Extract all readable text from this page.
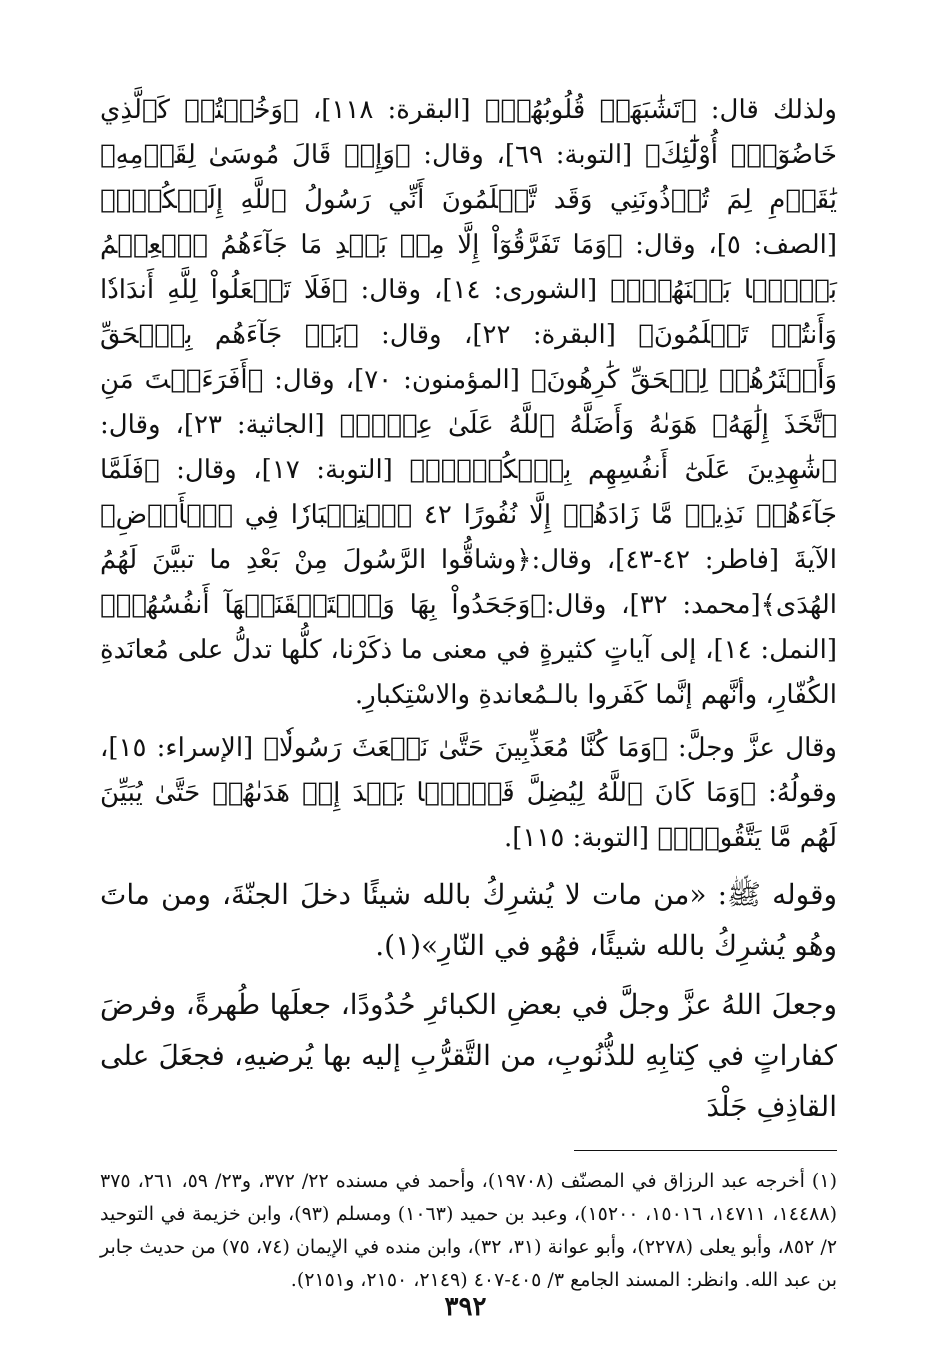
ولذلك قال: ﴿تَشَٰبَهَتۡ قُلُوبُهُمۡ﴾ [البقرة: ١١٨]، ﴿وَخُضۡتُمۡ كَٱلَّذِي خَاضُوٓاْۚ أُوْلَٰٓئِكَ﴾ [التوبة: ٦٩]، وقال: ﴿وَإِذۡ قَالَ مُوسَىٰ لِقَوۡمِهِۦ يَٰقَوۡمِ لِمَ تُؤۡذُونَنِي وَقَد تَّعۡلَمُونَ أَنِّي رَسُولُ ٱللَّهِ إِلَيۡكُمۡۖ﴾ [الصف: ٥]، وقال: ﴿وَمَا تَفَرَّقُوٓاْ إِلَّا مِنۢ بَعۡدِ مَا جَآءَهُمُ ٱلۡعِلۡمُ بَغۡيَۢا بَيۡنَهُمۡۚ﴾ [الشورى: ١٤]، وقال: ﴿فَلَا تَجۡعَلُواْ لِلَّهِ أَندَادٗا وَأَنتُمۡ تَعۡلَمُونَ﴾ [البقرة: ٢٢]، وقال: ﴿بَلۡ جَآءَهُم بِٱلۡحَقِّ وَأَكۡثَرُهُمۡ لِلۡحَقِّ كَٰرِهُونَ﴾ [المؤمنون: ٧٠]، وقال: ﴿أَفَرَءَيۡتَ مَنِ ٱتَّخَذَ إِلَٰهَهُۥ هَوَىٰهُ وَأَضَلَّهُ ٱللَّهُ عَلَىٰ عِلۡمٖ﴾ [الجاثية: ٢٣]، وقال: ﴿شَٰهِدِينَ عَلَىٰٓ أَنفُسِهِم بِٱلۡكُفۡرِۚ﴾ [التوبة: ١٧]، وقال: ﴿فَلَمَّا جَآءَهُمۡ نَذِيرٞ مَّا زَادَهُمۡ إِلَّا نُفُورًا ٤٢ ٱسۡتِكۡبَارٗا فِي ٱلۡأَرۡضِ﴾ الآيةَ [فاطر: ٤٢-٤٣]، وقال:﴿وشاقُّوا الرَّسُولَ مِنْ بَعْدِ ما تبيَّنَ لَهُمُ الهُدَى﴾[محمد: ٣٢]، وقال:﴿وَجَحَدُواْ بِهَا وَٱسۡتَيۡقَنَتۡهَآ أَنفُسُهُمۡ﴾ [النمل: ١٤]، إلى آياتٍ كثيرةٍ في معنى ما ذكَرْنا، كلُّها تدلُّ على مُعانَدةِ الكُفّارِ، وأنَّهم إنَّما كَفَروا بالـمُعاندةِ والاسْتِكبارِ.

وقال عزَّ وجلَّ: ﴿وَمَا كُنَّا مُعَذِّبِينَ حَتَّىٰ نَبۡعَثَ رَسُولٗا﴾ [الإسراء: ١٥]، وقولُهُ: ﴿وَمَا كَانَ ٱللَّهُ لِيُضِلَّ قَوۡمَۢا بَعۡدَ إِذۡ هَدَىٰهُمۡ حَتَّىٰ يُبَيِّنَ لَهُم مَّا يَتَّقُونَۚ﴾ [التوبة: ١١٥].

وقوله ﷺ: «من مات لا يُشرِكُ بالله شيئًا دخلَ الجنّةَ، ومن ماتَ وهُو يُشرِكُ بالله شيئًا، فهُو في النّارِ»(١).

وجعلَ اللهُ عزَّ وجلَّ في بعضِ الكبائرِ حُدُودًا، جعلَها طُهرةً، وفرضَ كفاراتٍ في كِتابِهِ للذُّنُوبِ، من التَّقرُّبِ إليه بها يُرضيهِ، فجعَلَ على القاذِفِ جَلْدَ

(١) أخرجه عبد الرزاق في المصنّف (١٩٧٠٨)، وأحمد في مسنده ٢٢/ ٣٧٢، و٢٣/ ٥٩، ٢٦١، ٣٧٥ (١٤٤٨٨، ١٤٧١١، ١٥٠١٦، ١٥٢٠٠)، وعبد بن حميد (١٠٦٣) ومسلم (٩٣)، وابن خزيمة في التوحيد ٢/ ٨٥٢، وأبو يعلى (٢٢٧٨)، وأبو عوانة (٣١، ٣٢)، وابن منده في الإيمان (٧٤، ٧٥) من حديث جابر بن عبد الله. وانظر: المسند الجامع ٣/ ٤٠٥-٤٠٧ (٢١٤٩، ٢١٥٠، و٢١٥١).

٣٩٢
